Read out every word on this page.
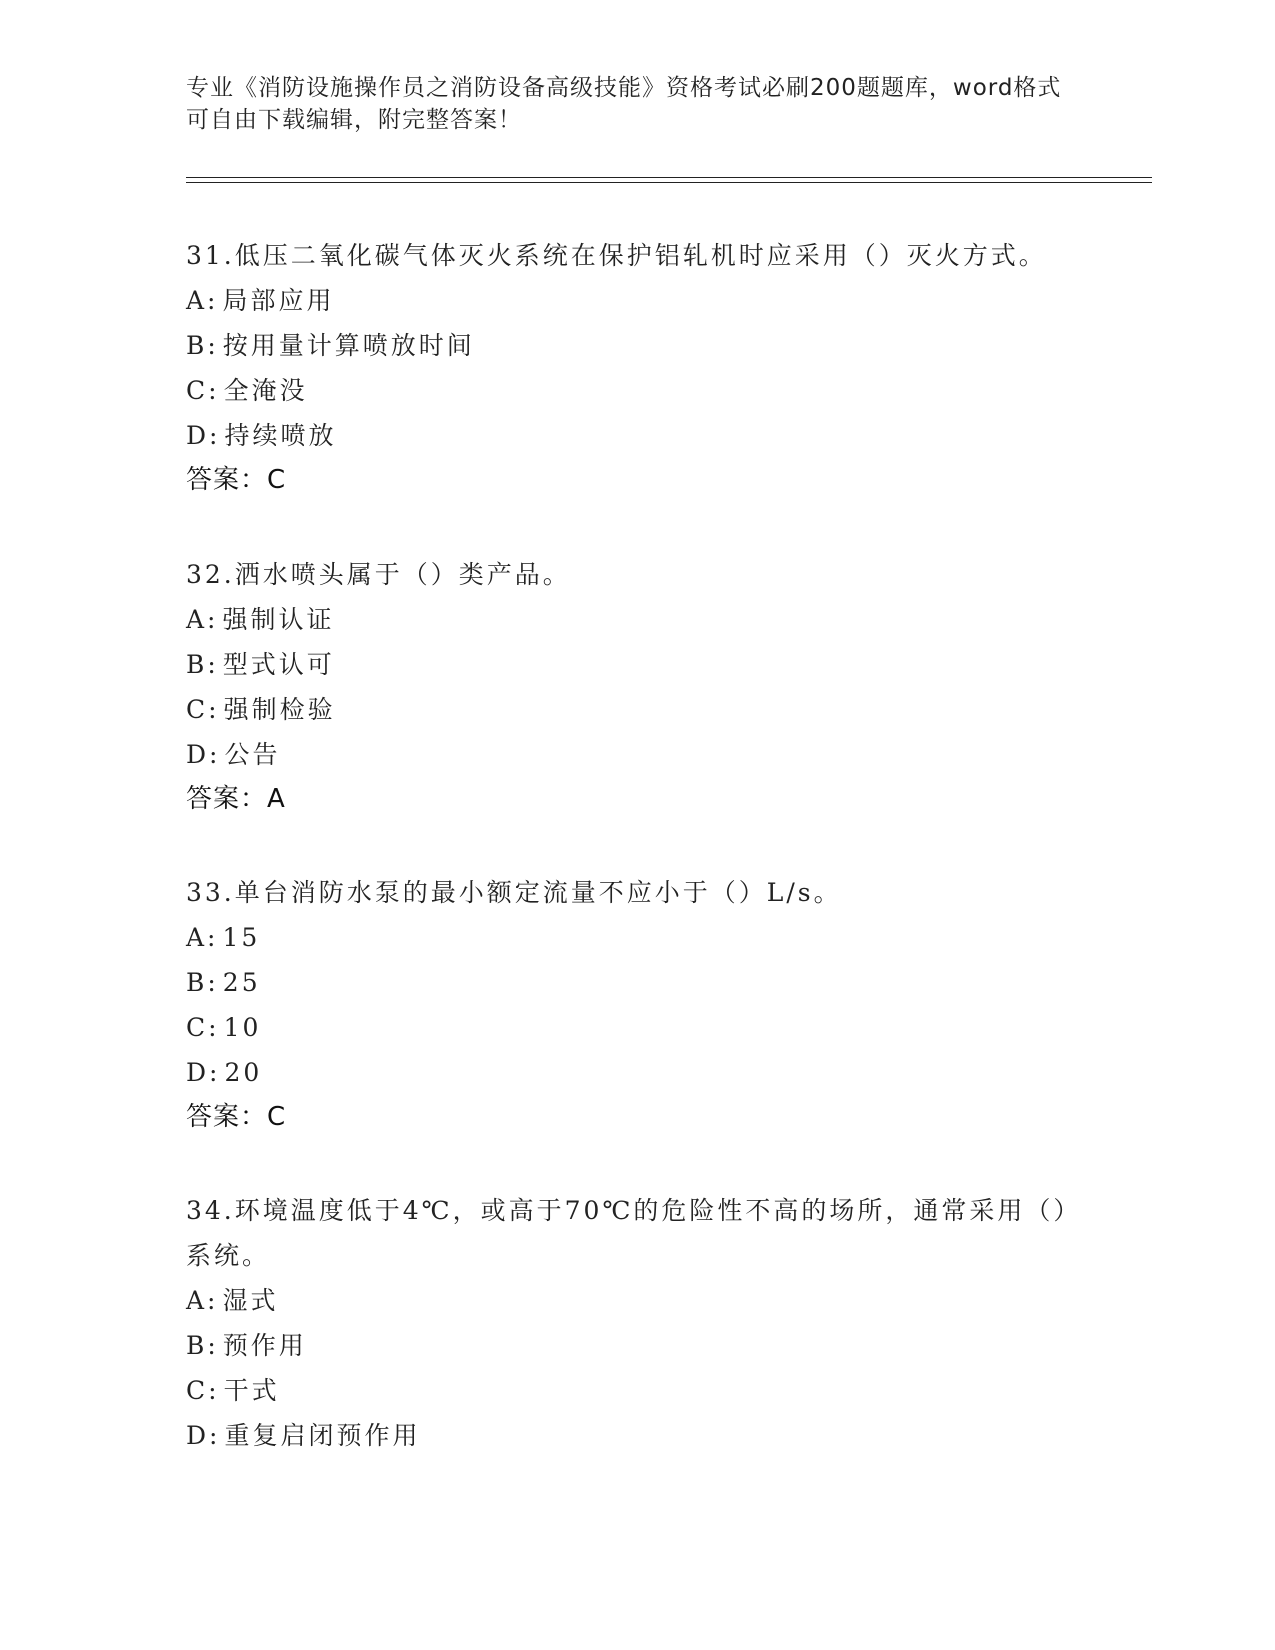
专业《消防设施操作员之消防设备高级技能》资格考试必刷200题题库，word格式可自由下载编辑，附完整答案！
31.低压二氧化碳气体灭火系统在保护铝轧机时应采用（）灭火方式。
A: 局部应用
B: 按用量计算喷放时间
C: 全淹没
D: 持续喷放
答案：C
32.洒水喷头属于（）类产品。
A: 强制认证
B: 型式认可
C: 强制检验
D: 公告
答案：A
33.单台消防水泵的最小额定流量不应小于（）L/s。
A: 15
B: 25
C: 10
D: 20
答案：C
34.环境温度低于4℃，或高于70℃的危险性不高的场所，通常采用（）系统。
A: 湿式
B: 预作用
C: 干式
D: 重复启闭预作用
